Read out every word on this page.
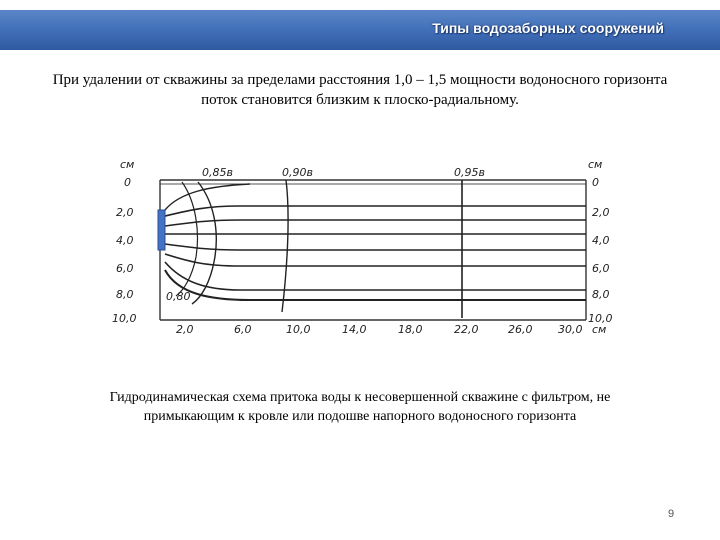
Типы водозаборных сооружений
При удалении от скважины за пределами расстояния 1,0 – 1,5 мощности водоносного горизонта поток становится близким к плоско-радиальному.
см
0
2,0
4,0
6,0
8,0
10,0
см
0
2,0
4,0
6,0
8,0
10,0
0,85в	0,90в	0,95в
0,80
2,0	6,0	10,0	14,0	18,0	22,0	26,0 30,0 см
Гидродинамическая схема притока воды к несовершенной скважине с фильтром, не примыкающим к кровле или подошве напорного водоносного горизонта
9
